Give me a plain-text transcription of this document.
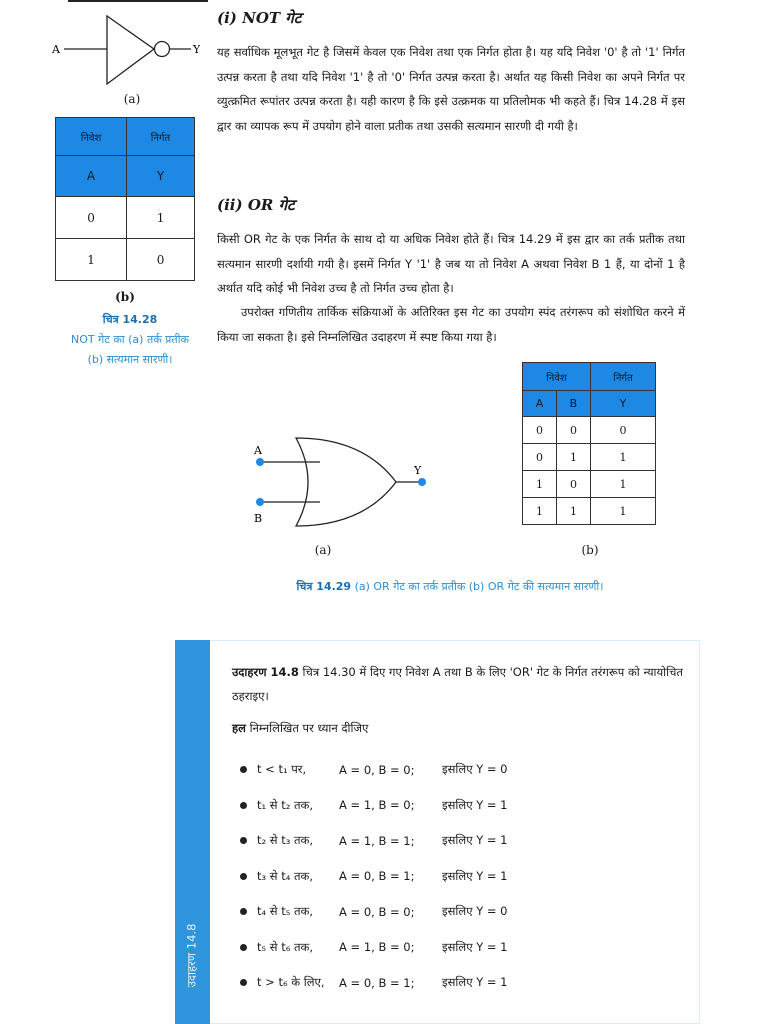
A	Y
(a)
निवेश	निर्गत
A	Y
0	1
1	0
(b)
चित्र 14.28
NOT गेट का (a) तर्क प्रतीक
(b) सत्यमान सारणी।
(i) NOT गेट
यह सर्वाधिक मूलभूत गेट है जिसमें केवल एक निवेश तथा एक निर्गत होता है। यह यदि निवेश '0' है तो '1' निर्गत उत्पन्न करता है तथा यदि निवेश '1' है तो '0' निर्गत उत्पन्न करता है। अर्थात यह किसी निवेश का अपने निर्गत पर व्युत्क्रमित रूपांतर उत्पन्न करता है। यही कारण है कि इसे उत्क्रमक या प्रतिलोमक भी कहते हैं। चित्र 14.28 में इस द्वार का व्यापक रूप में उपयोग होने वाला प्रतीक तथा उसकी सत्यमान सारणी दी गयी है।
(ii) OR गेट
किसी OR गेट के एक निर्गत के साथ दो या अधिक निवेश होते हैं। चित्र 14.29 में इस द्वार का तर्क प्रतीक तथा सत्यमान सारणी दर्शायी गयी है। इसमें निर्गत Y '1' है जब या तो निवेश A अथवा निवेश B 1 हैं, या दोनों 1 है अर्थात यदि कोई भी निवेश उच्च है तो निर्गत उच्च होता है।
उपरोक्त गणितीय तार्किक संक्रियाओं के अतिरिक्त इस गेट का उपयोग स्पंद तरंगरूप को संशोधित करने में किया जा सकता है। इसे निम्नलिखित उदाहरण में स्पष्ट किया गया है।
A
B
Y
(a)
निवेश		निर्गत
A	B	Y
0	0	0
0	1	1
1	0	1
1	1	1
(b)
चित्र 14.29 (a) OR गेट का तर्क प्रतीक (b) OR गेट की सत्यमान सारणी।
उदाहरण 14.8
उदाहरण 14.8 चित्र 14.30 में दिए गए निवेश A तथा B के लिए 'OR' गेट के निर्गत तरंगरूप को न्यायोचित ठहराइए।
हल निम्नलिखित पर ध्यान दीजिए
t < t₁ पर,	A = 0, B = 0;	इसलिए Y = 0
t₁ से t₂ तक,	A = 1, B = 0;	इसलिए Y = 1
t₂ से t₃ तक,	A = 1, B = 1;	इसलिए Y = 1
t₃ से t₄ तक,	A = 0, B = 1;	इसलिए Y = 1
t₄ से t₅ तक,	A = 0, B = 0;	इसलिए Y = 0
t₅ से t₆ तक,	A = 1, B = 0;	इसलिए Y = 1
t > t₆ के लिए,	A = 0, B = 1;	इसलिए Y = 1
